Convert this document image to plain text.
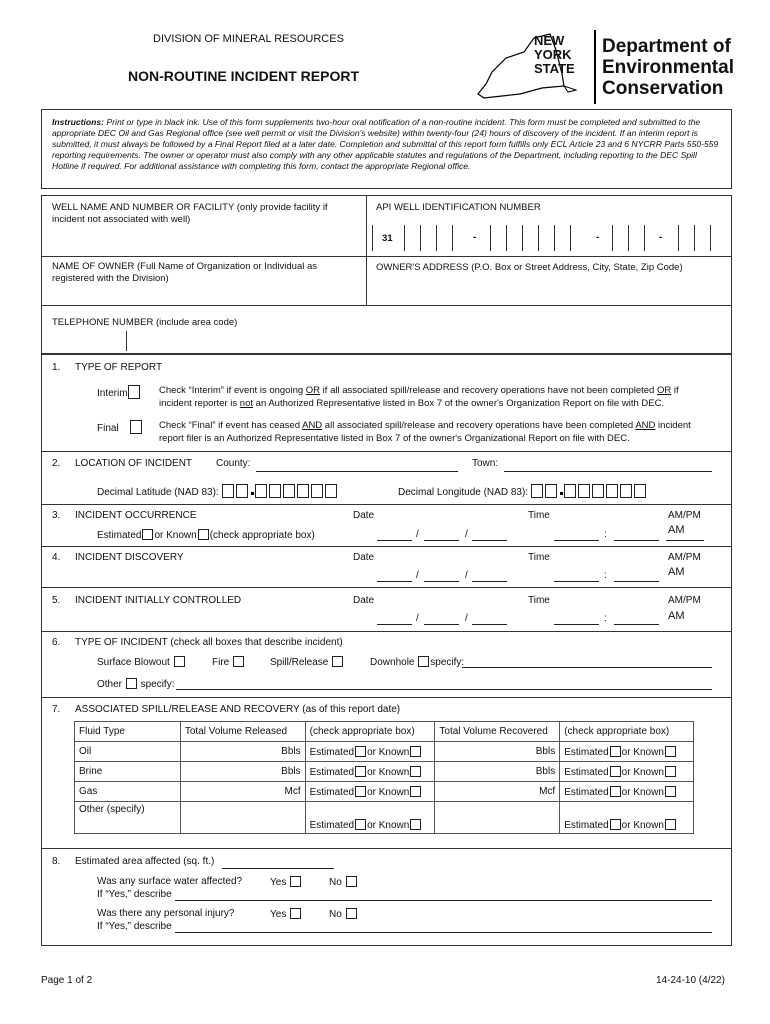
DIVISION OF MINERAL RESOURCES
NON-ROUTINE INCIDENT REPORT
NEW
YORK
STATE
Department of
Environmental
Conservation
Instructions: Print or type in black ink. Use of this form supplements two-hour oral notification of a non-routine incident. This form must be completed and submitted to the appropriate DEC Oil and Gas Regional office (see well permit or visit the Division's website) within twenty-four (24) hours of discovery of the incident. If an interim report is submitted, it must always be followed by a Final Report filed at a later date. Completion and submittal of this report form fulfills only ECL Article 23 and 6 NYCRR Parts 550-559 reporting requirements. The owner or operator must also comply with any other applicable statutes and regulations of the Department, including reporting to the DEC Spill Hotline if required. For additional assistance with completing this form, contact the appropriate Regional office.
WELL NAME AND NUMBER OR FACILITY (only provide facility if incident not associated with well)
API WELL IDENTIFICATION NUMBER
31	-	-	-
NAME OF OWNER (Full Name of Organization or Individual as registered with the Division)
OWNER'S ADDRESS (P.O. Box or Street Address, City, State, Zip Code)
TELEPHONE NUMBER (include area code)
1. TYPE OF REPORT
Interim	Check “Interim” if event is ongoing OR if all associated spill/release and recovery operations have not been completed OR if
incident reporter is not an Authorized Representative listed in Box 7 of the owner's Organization Report on file with DEC.
Final	Check “Final” if event has ceased AND all associated spill/release and recovery operations have been completed AND incident
report filer is an Authorized Representative listed in Box 7 of the owner's Organizational Report on file with DEC.
2. LOCATION OF INCIDENT County:	Town:
Decimal Latitude (NAD 83):	Decimal Longitude (NAD 83):
3. INCIDENT OCCURRENCE	Date	Time	AM/PM
Estimated or Known (check appropriate box)	/	/	:	AM
4. INCIDENT DISCOVERY	Date	Time	AM/PM
/	/	:	AM
5. INCIDENT INITIALLY CONTROLLED	Date	Time	AM/PM
/	/	:	AM
6. TYPE OF INCIDENT (check all boxes that describe incident)
Surface Blowout	Fire	Spill/Release	Downhole specify:
Other specify:
7. ASSOCIATED SPILL/RELEASE AND RECOVERY (as of this report date)
Fluid Type	Total Volume Released	(check appropriate box)	Total Volume Recovered	(check appropriate box)
Oil	Bbls	Estimated or Known	Bbls	Estimated or Known
Brine	Bbls	Estimated or Known	Bbls	Estimated or Known
Gas	Mcf	Estimated or Known	Mcf	Estimated or Known
Other (specify)		Estimated or Known		Estimated or Known
8. Estimated area affected (sq. ft.)
Was any surface water affected?	Yes	No
If “Yes,” describe
Was there any personal injury?	Yes	No
If “Yes,” describe
Page 1 of 2	14-24-10 (4/22)
